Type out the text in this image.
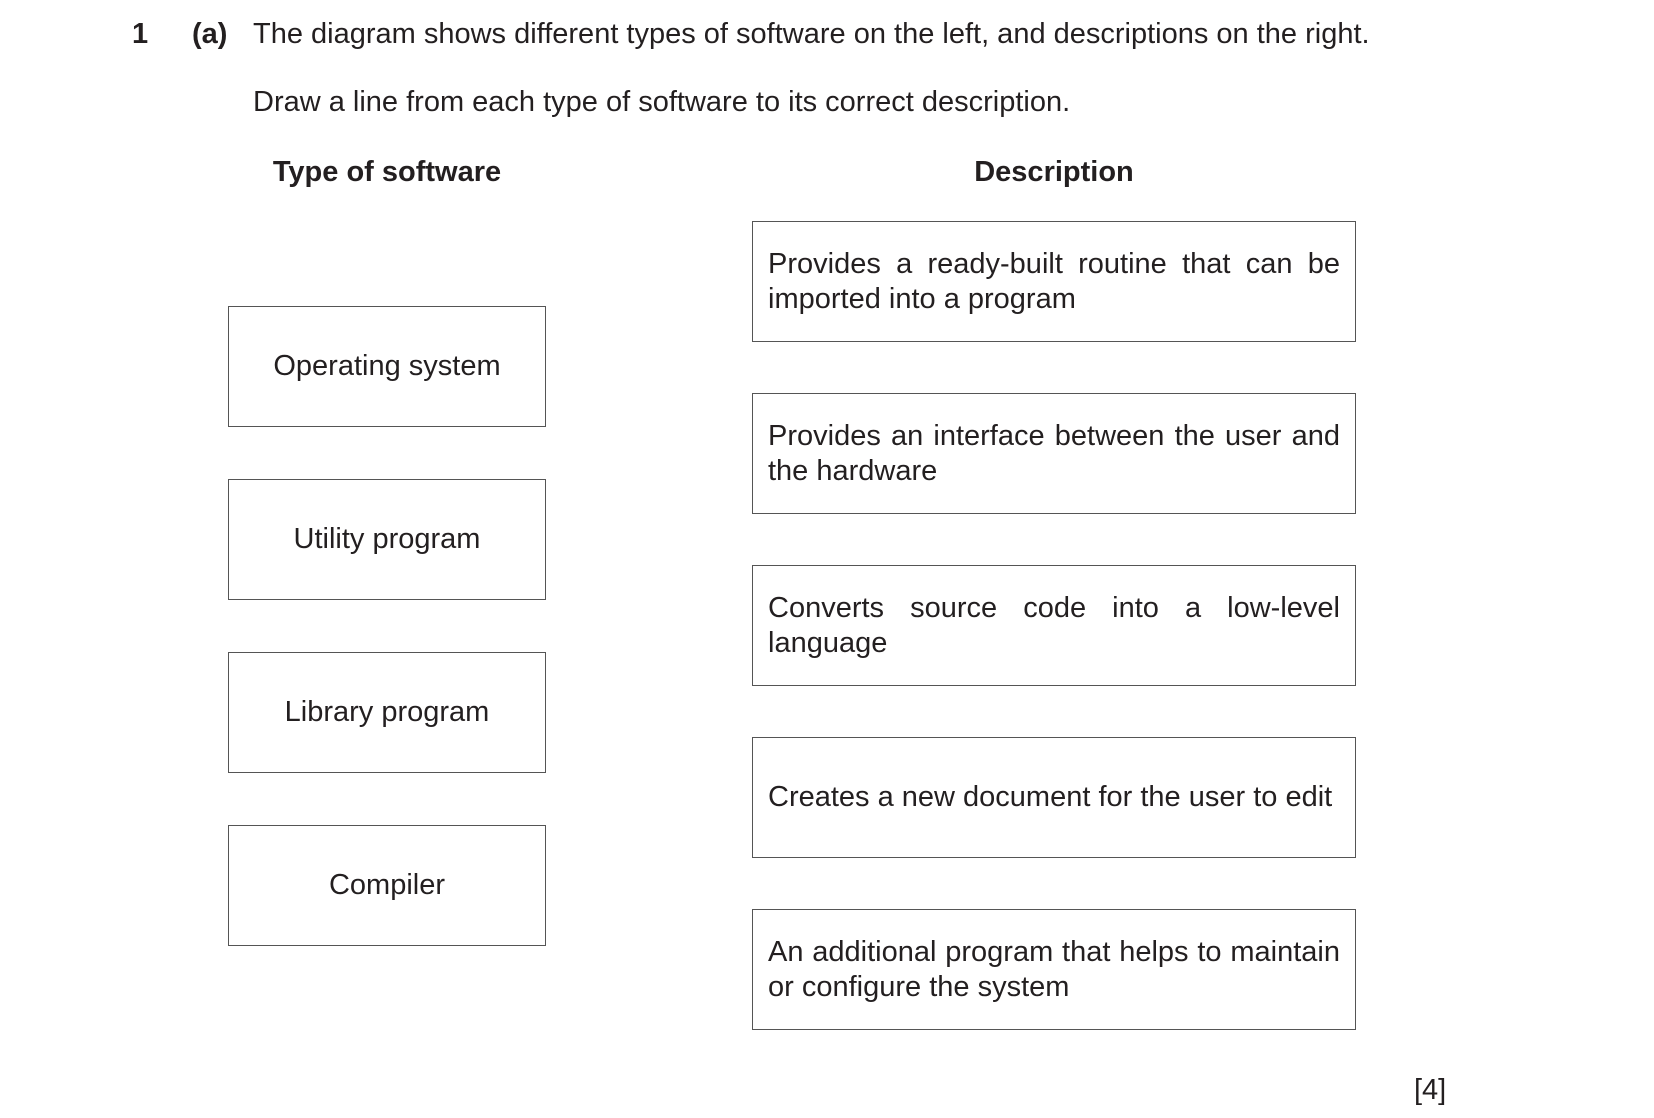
1 (a) The diagram shows different types of software on the left, and descriptions on the right.
Draw a line from each type of software to its correct description.
Type of software	Description
Operating system
Utility program
Library program
Compiler
Provides a ready-built routine that can be imported into a program
Provides an interface between the user and the hardware
Converts source code into a low-level language
Creates a new document for the user to edit
An additional program that helps to maintain or configure the system
[4]
